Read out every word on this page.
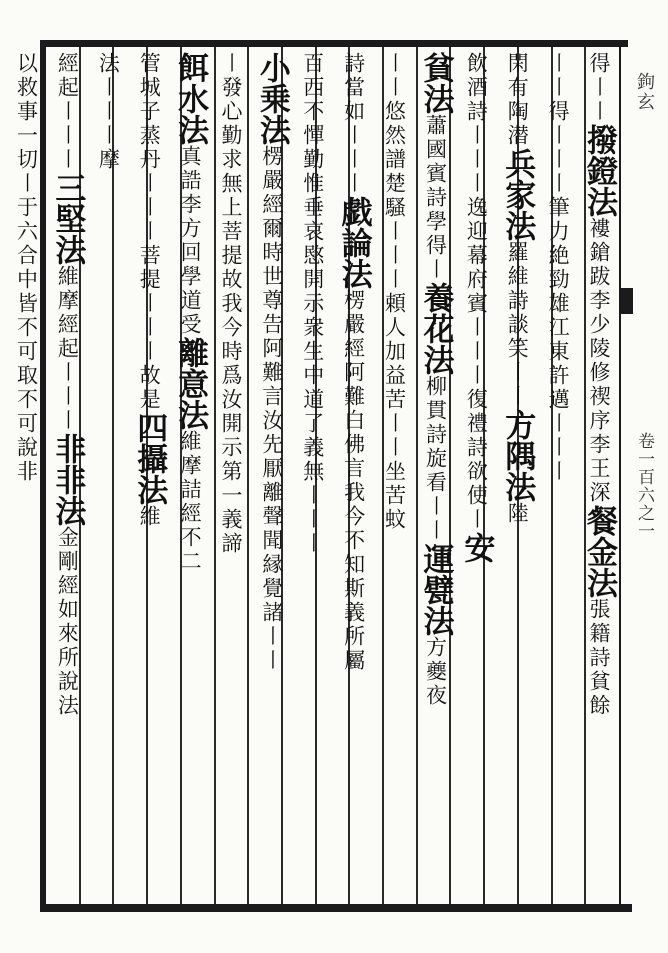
鉤玄
卷一百六之一
得〡〡撥鐙法褸鎗跋李少陵修禊序李王深餐金法張籍詩貧餘
〡〡得〡〡〡筆力絶勁雄江東許邁〡〡〡
閑有陶潜兵家法羅維詩談笑〡〡方隅法陸
飲酒詩〡〡〡逸迎幕府賓〡〡〡復禮詩欲使〡安
貧法蕭國賓詩學得〡養花法柳貫詩旋看〡〡運甓法方夔夜
〡〡悠然譜楚騷〡〡〡頼人加益苦〡〡坐苦蚊
詩當如〡〡〡戯論法楞嚴經阿難白佛言我今不知斯義所屬
百西不憚勤惟垂哀愍開示衆生中道了義無〡〡〡
小乗法楞嚴經爾時世尊告阿難言汝先厭離聲聞縁覺諸〡〡
〡發心勤求無上菩提故我今時爲汝開示第一義諦
餌水法真誥李方回學道受離意法維摩詰經不二
管城子蒸丹〡〡〡菩提〡〡〡故是四攝法維
法〡〡〡摩
經起〡〡〡三堅法維摩經起〡〡〡非非法金剛經如來所說法
以救事一切〡于六合中皆不可取不可說非
